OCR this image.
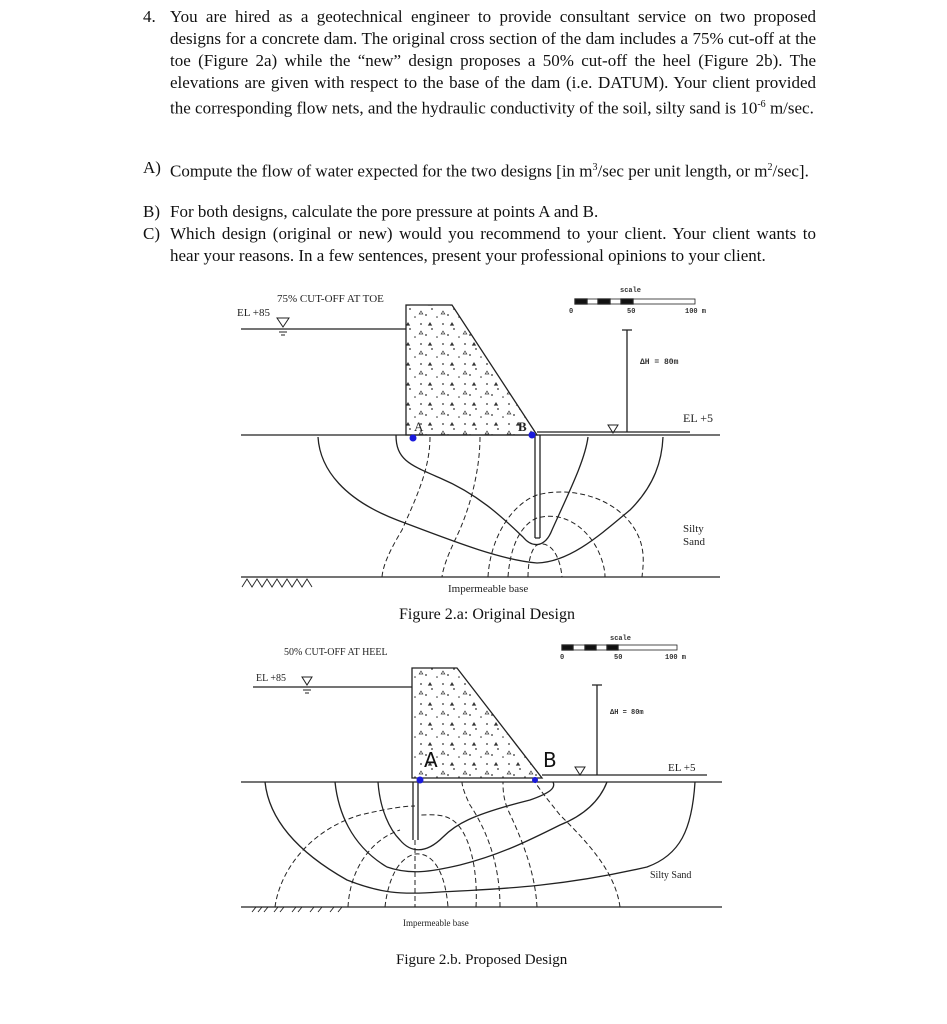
4. You are hired as a geotechnical engineer to provide consultant service on two proposed designs for a concrete dam. The original cross section of the dam includes a 75% cut-off at the toe (Figure 2a) while the “new” design proposes a 50% cut-off the heel (Figure 2b). The elevations are given with respect to the base of the dam (i.e. DATUM). Your client provided the corresponding flow nets, and the hydraulic conductivity of the soil, silty sand is $10^{-6}$ m/sec.
A) Compute the flow of water expected for the two designs [in $m^3/\sec$ per unit length, or $m^2/\sec$].
B) For both designs, calculate the pore pressure at points A and B.
C) Which design (original or new) would you recommend to your client. Your client wants to hear your reasons. In a few sentences, present your professional opinions to your client.
75% CUT-OFF AT TOE
EL +85
EL +5
ΔH = 80m
scale
0	50	100 m
A	B
Silty
Sand
Impermeable base
50% CUT-OFF AT HEEL
EL +85
EL +5
ΔH = 80m
scale
0	50	100 m
A	B
Silty Sand
Impermeable base
Figure 2.a: Original Design
Figure 2.b. Proposed Design
